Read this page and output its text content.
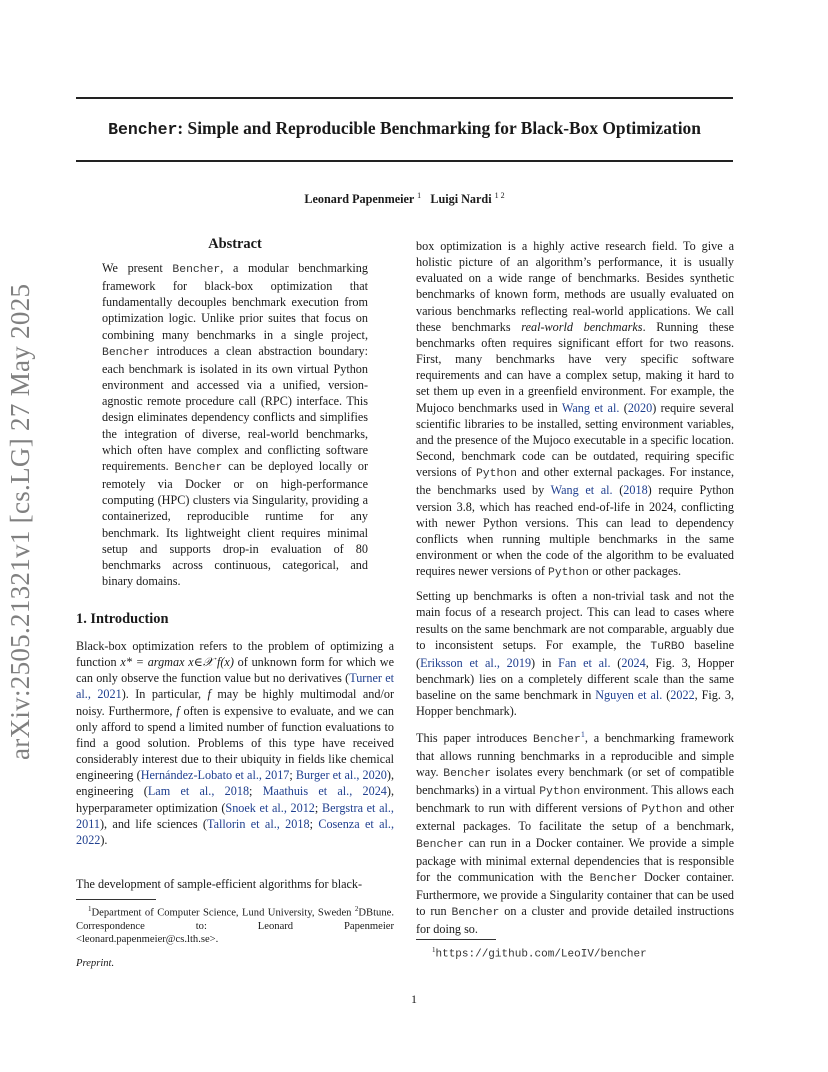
Bencher: Simple and Reproducible Benchmarking for Black-Box Optimization
Leonard Papenmeier $^1$ Luigi Nardi $^{1 2}$
arXiv:2505.21321v1 [cs.LG] 27 May 2025
Abstract

We present Bencher, a modular benchmarking framework for black-box optimization that fundamentally decouples benchmark execution from optimization logic. Unlike prior suites that focus on combining many benchmarks in a single project, Bencher introduces a clean abstraction boundary: each benchmark is isolated in its own virtual Python environment and accessed via a unified, version-agnostic remote procedure call (RPC) interface. This design eliminates dependency conflicts and simplifies the integration of diverse, real-world benchmarks, which often have complex and conflicting software requirements. Bencher can be deployed locally or remotely via Docker or on high-performance computing (HPC) clusters via Singularity, providing a containerized, reproducible runtime for any benchmark. Its lightweight client requires minimal setup and supports drop-in evaluation of 80 benchmarks across continuous, categorical, and binary domains.

1. Introduction

Black-box optimization refers to the problem of optimizing a function x* = argmax x∈𝒳 f(x) of unknown form for which we can only observe the function value but no derivatives (Turner et al., 2021). In particular, f may be highly multimodal and/or noisy. Furthermore, f often is expensive to evaluate, and we can only afford to spend a limited number of function evaluations to find a good solution. Problems of this type have received considerably interest due to their ubiquity in fields like chemical engineering (Hernández-Lobato et al., 2017; Burger et al., 2020), engineering (Lam et al., 2018; Maathuis et al., 2024), hyperparameter optimization (Snoek et al., 2012; Bergstra et al., 2011), and life sciences (Tallorin et al., 2018; Cosenza et al., 2022).

The development of sample-efficient algorithms for black-

$^1$Department of Computer Science, Lund University, Sweden $^2$DBtune. Correspondence to: Leonard Papenmeier <leonard.papenmeier@cs.lth.se>.

Preprint.

box optimization is a highly active research field. To give a holistic picture of an algorithm’s performance, it is usually evaluated on a wide range of benchmarks. Besides synthetic benchmarks of known form, methods are usually evaluated on various benchmarks reflecting real-world applications. We call these benchmarks real-world benchmarks. Running these benchmarks often requires significant effort for two reasons. First, many benchmarks have very specific software requirements and can have a complex setup, making it hard to set them up even in a greenfield environment. For example, the Mujoco benchmarks used in Wang et al. (2020) require several scientific libraries to be installed, setting environment variables, and the presence of the Mujoco executable in a specific location. Second, benchmark code can be outdated, requiring specific versions of Python and other external packages. For instance, the benchmarks used by Wang et al. (2018) require Python version 3.8, which has reached end-of-life in 2024, conflicting with newer Python versions. This can lead to dependency conflicts when running multiple benchmarks in the same environment or when the code of the algorithm to be evaluated requires newer versions of Python or other packages.

Setting up benchmarks is often a non-trivial task and not the main focus of a research project. This can lead to cases where results on the same benchmark are not comparable, arguably due to inconsistent setups. For example, the TuRBO baseline (Eriksson et al., 2019) in Fan et al. (2024, Fig. 3, Hopper benchmark) lies on a completely different scale than the same baseline on the same benchmark in Nguyen et al. (2022, Fig. 3, Hopper benchmark).

This paper introduces Bencher$^1$, a benchmarking framework that allows running benchmarks in a reproducible and simple way. Bencher isolates every benchmark (or set of compatible benchmarks) in a virtual Python environment. This allows each benchmark to run with different versions of Python and other external packages. To facilitate the setup of a benchmark, Bencher can run in a Docker container. We provide a simple package with minimal external dependencies that is responsible for the communication with the Bencher Docker container. Furthermore, we provide a Singularity container that can be used to run Bencher on a cluster and provide detailed instructions for doing so.

$^1$https://github.com/LeoIV/bencher

1
